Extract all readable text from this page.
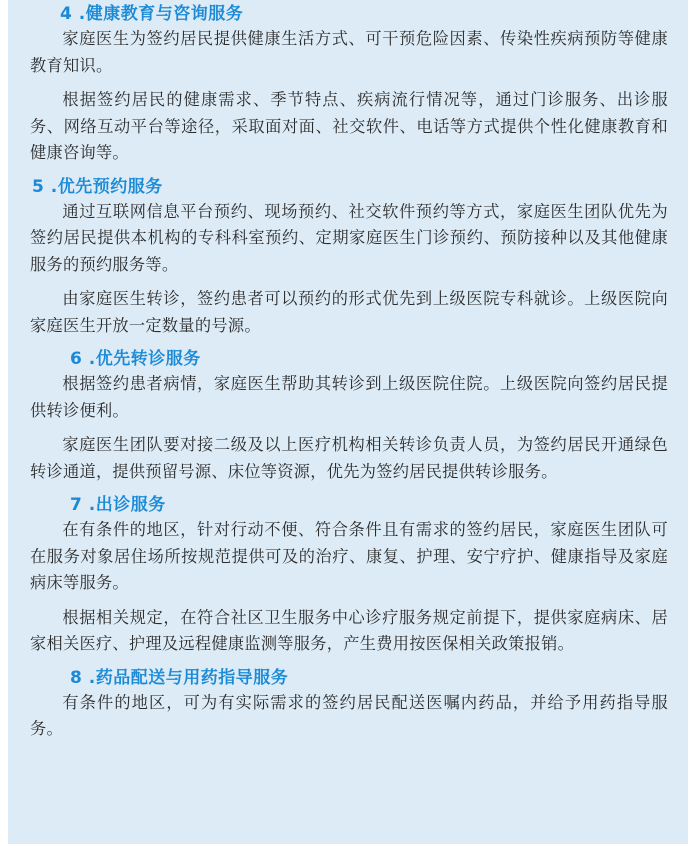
4 .健康教育与咨询服务

家庭医生为签约居民提供健康生活方式、可干预危险因素、传染性疾病预防等健康教育知识。

根据签约居民的健康需求、季节特点、疾病流行情况等，通过门诊服务、出诊服务、网络互动平台等途径，采取面对面、社交软件、电话等方式提供个性化健康教育和健康咨询等。

5 .优先预约服务

通过互联网信息平台预约、现场预约、社交软件预约等方式，家庭医生团队优先为签约居民提供本机构的专科科室预约、定期家庭医生门诊预约、预防接种以及其他健康服务的预约服务等。

由家庭医生转诊，签约患者可以预约的形式优先到上级医院专科就诊。上级医院向家庭医生开放一定数量的号源。

6 .优先转诊服务

根据签约患者病情，家庭医生帮助其转诊到上级医院住院。上级医院向签约居民提供转诊便利。

家庭医生团队要对接二级及以上医疗机构相关转诊负责人员，为签约居民开通绿色转诊通道，提供预留号源、床位等资源，优先为签约居民提供转诊服务。

7 .出诊服务

在有条件的地区，针对行动不便、符合条件且有需求的签约居民，家庭医生团队可在服务对象居住场所按规范提供可及的治疗、康复、护理、安宁疗护、健康指导及家庭病床等服务。

根据相关规定，在符合社区卫生服务中心诊疗服务规定前提下，提供家庭病床、居家相关医疗、护理及远程健康监测等服务，产生费用按医保相关政策报销。

8 .药品配送与用药指导服务

有条件的地区，可为有实际需求的签约居民配送医嘱内药品，并给予用药指导服务。
